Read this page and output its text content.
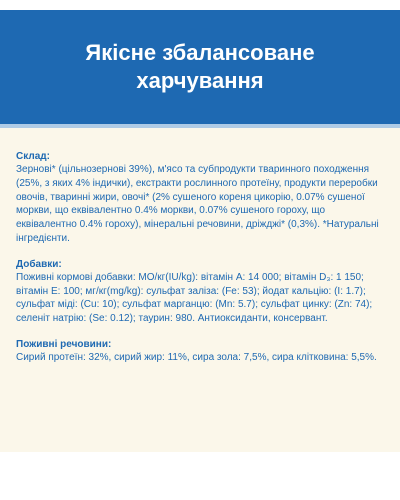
Якісне збалансоване харчування

Склад:

Зернові* (цільнозернові 39%), м'ясо та субпродукти тваринного походження (25%, з яких 4% індички), екстракти рослинного протеїну, продукти переробки овочів, тваринні жири, овочі* (2% сушеного кореня цикорію, 0.07% сушеної моркви, що еквівалентно 0.4% моркви, 0.07% сушеного гороху, що еквівалентно 0.4% гороху), мінеральні речовини, дріжджі* (0,3%). *Натуральні інгредієнти.

Добавки:

Поживні кормові добавки: МО/кг(IU/kg): вітамін А: 14 000; вітамін D₃: 1 150; вітамін Е: 100; мг/кг(mg/kg): сульфат заліза: (Fe: 53); йодат кальцію: (I: 1.7); сульфат міді: (Cu: 10); сульфат марганцю: (Mn: 5.7); сульфат цинку: (Zn: 74); селеніт натрію: (Se: 0.12); таурин: 980. Антиоксиданти, консервант.

Поживні речовини:

Сирий протеїн: 32%, сирий жир: 11%, сира зола: 7,5%, сира клітковина: 5,5%.
